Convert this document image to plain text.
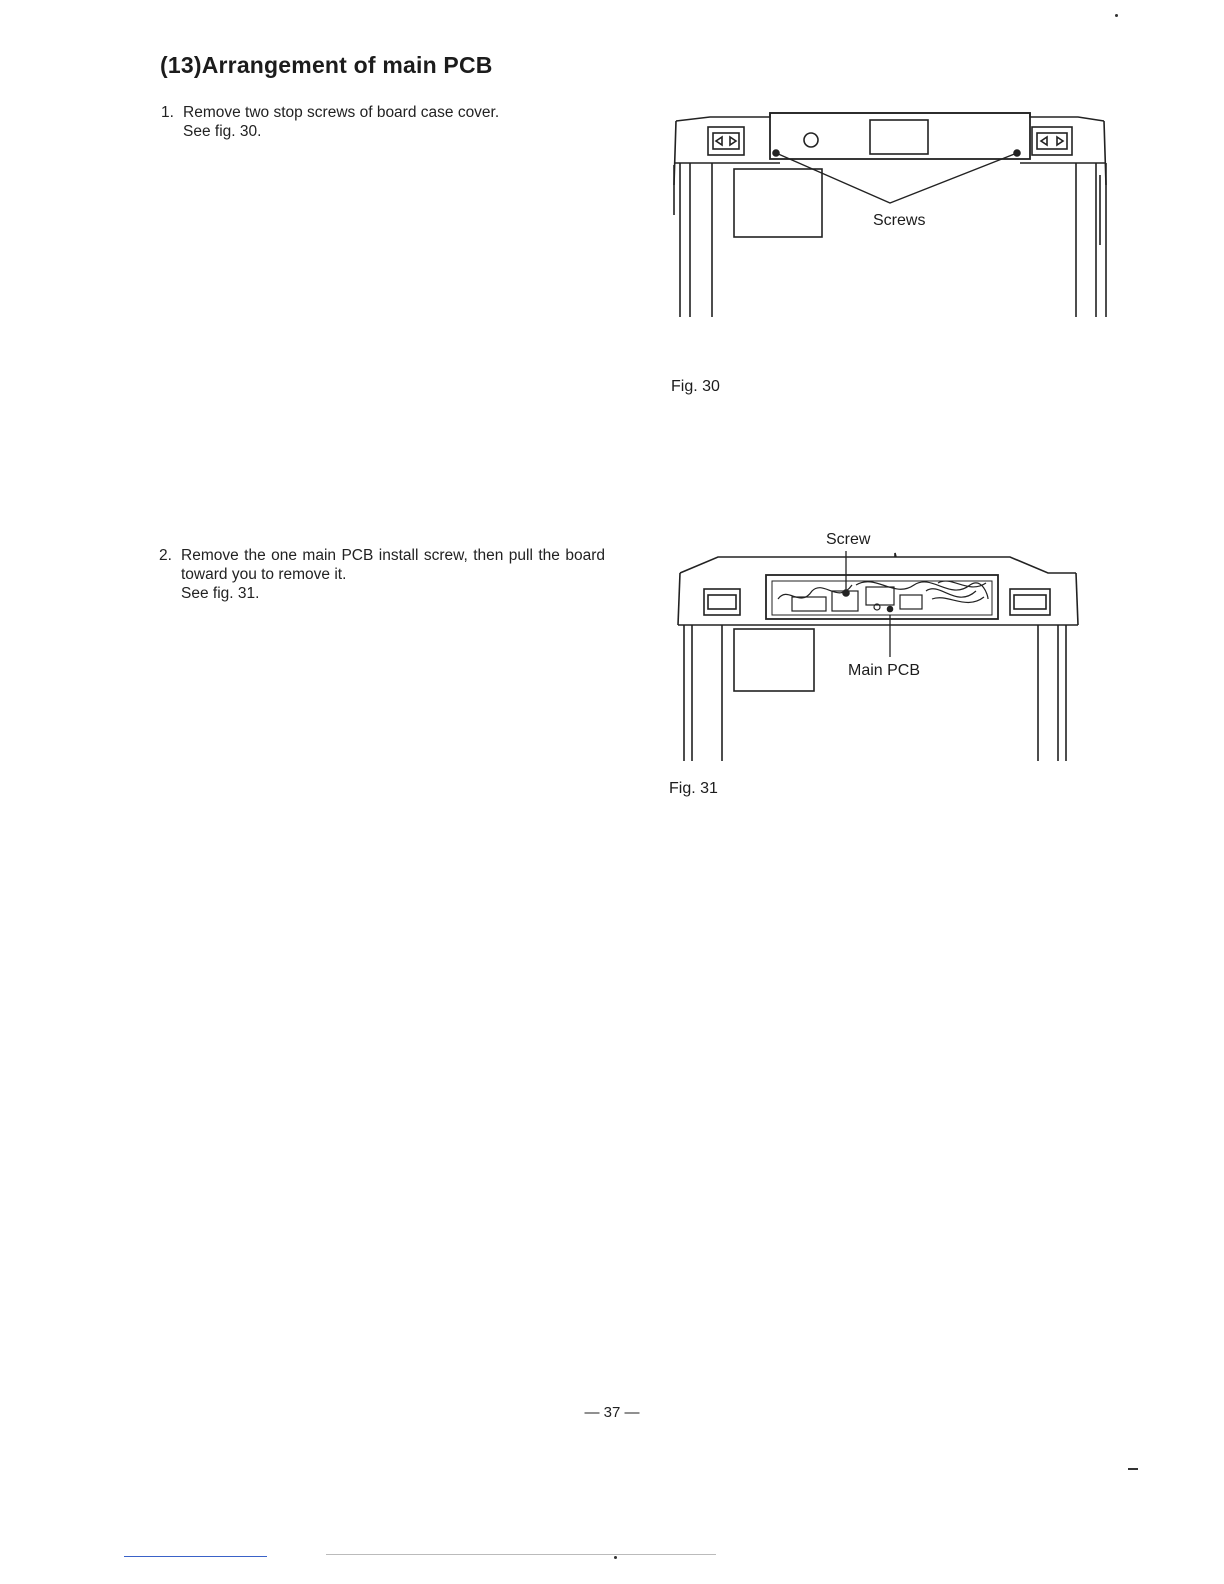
(13)Arrangement of main PCB
1. Remove two stop screws of board case cover.
See fig. 30.
2. Remove the one main PCB install screw, then pull the board toward you to remove it.
See fig. 31.
Screws
Fig. 30
Screw
Main PCB
Fig. 31
— 37 —
